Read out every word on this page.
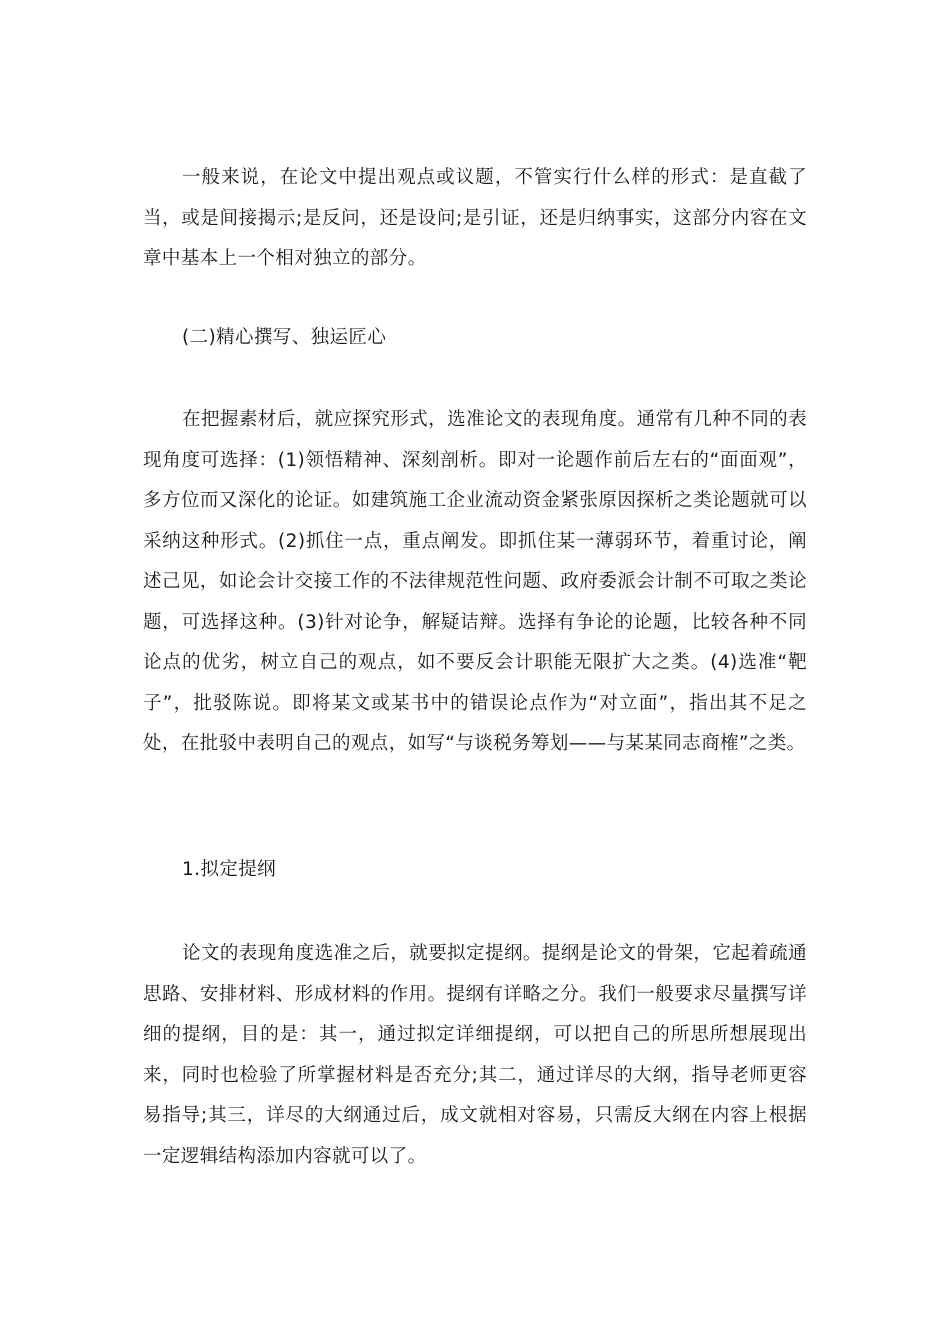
一般来说，在论文中提出观点或议题，不管实行什么样的形式：是直截了当，或是间接揭示;是反问，还是设问;是引证，还是归纳事实，这部分内容在文章中基本上一个相对独立的部分。

(二)精心撰写、独运匠心

在把握素材后，就应探究形式，选准论文的表现角度。通常有几种不同的表现角度可选择：(1)领悟精神、深刻剖析。即对一论题作前后左右的“面面观”，多方位而又深化的论证。如建筑施工企业流动资金紧张原因探析之类论题就可以采纳这种形式。(2)抓住一点，重点阐发。即抓住某一薄弱环节，着重讨论，阐述己见，如论会计交接工作的不法律规范性问题、政府委派会计制不可取之类论题，可选择这种。(3)针对论争，解疑诘辩。选择有争论的论题，比较各种不同论点的优劣，树立自己的观点，如不要反会计职能无限扩大之类。(4)选准“靶子”，批驳陈说。即将某文或某书中的错误论点作为“对立面”，指出其不足之处，在批驳中表明自己的观点，如写“与谈税务筹划——与某某同志商榷”之类。

1.拟定提纲

论文的表现角度选准之后，就要拟定提纲。提纲是论文的骨架，它起着疏通思路、安排材料、形成材料的作用。提纲有详略之分。我们一般要求尽量撰写详细的提纲，目的是：其一，通过拟定详细提纲，可以把自己的所思所想展现出来，同时也检验了所掌握材料是否充分;其二，通过详尽的大纲，指导老师更容易指导;其三，详尽的大纲通过后，成文就相对容易，只需反大纲在内容上根据一定逻辑结构添加内容就可以了。
